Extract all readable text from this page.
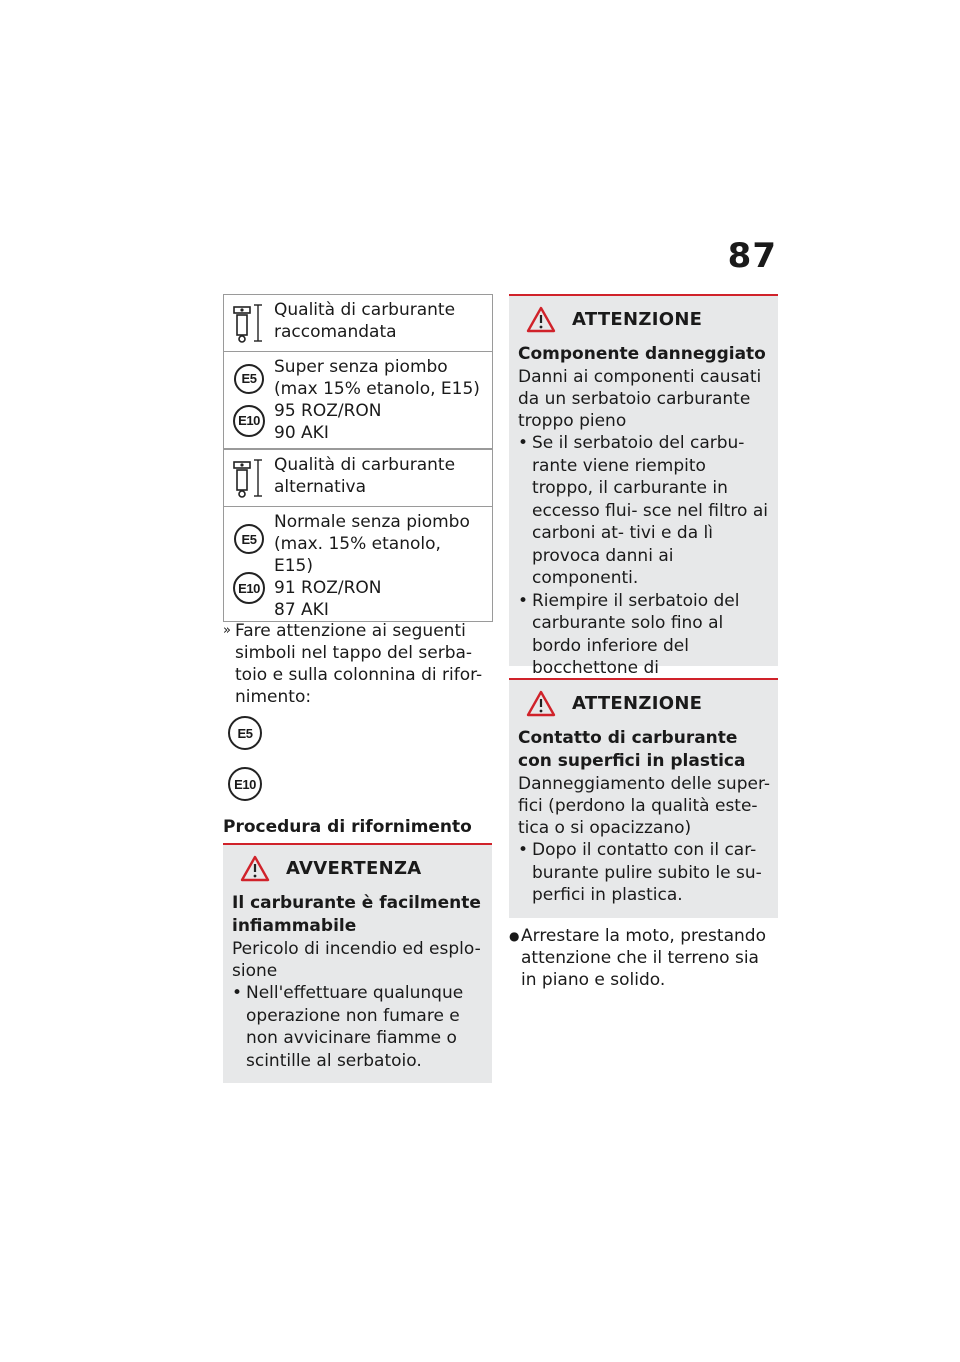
87
Qualità di carburante
raccomandata
E5
E10
Super senza piombo
(max 15% etanolo, E15)
95 ROZ/RON
90 AKI
Qualità di carburante
alternativa
E5
E10
Normale senza piombo
(max. 15% etanolo,
E15)
91 ROZ/RON
87 AKI
» Fare attenzione ai seguenti simboli nel tappo del serba- toio e sulla colonnina di rifor- nimento:
E5
E10
Procedura di rifornimento
AVVERTENZA
Il carburante è facilmente infiammabile
Pericolo di incendio ed esplo- sione
• Nell'effettuare qualunque operazione non fumare e non avvicinare fiamme o scintille al serbatoio.
ATTENZIONE
Componente danneggiato
Danni ai componenti causati da un serbatoio carburante troppo pieno
• Se il serbatoio del carbu- rante viene riempito troppo, il carburante in eccesso flui- sce nel filtro ai carboni at- tivi e da lì provoca danni ai componenti.
• Riempire il serbatoio del carburante solo fino al bordo inferiore del bocchettone di
ATTENZIONE
Contatto di carburante con superfici in plastica
Danneggiamento delle super- fici (perdono la qualità este- tica o si opacizzano)
• Dopo il contatto con il car- burante pulire subito le su- perfici in plastica.
● Arrestare la moto, prestando attenzione che il terreno sia in piano e solido.
